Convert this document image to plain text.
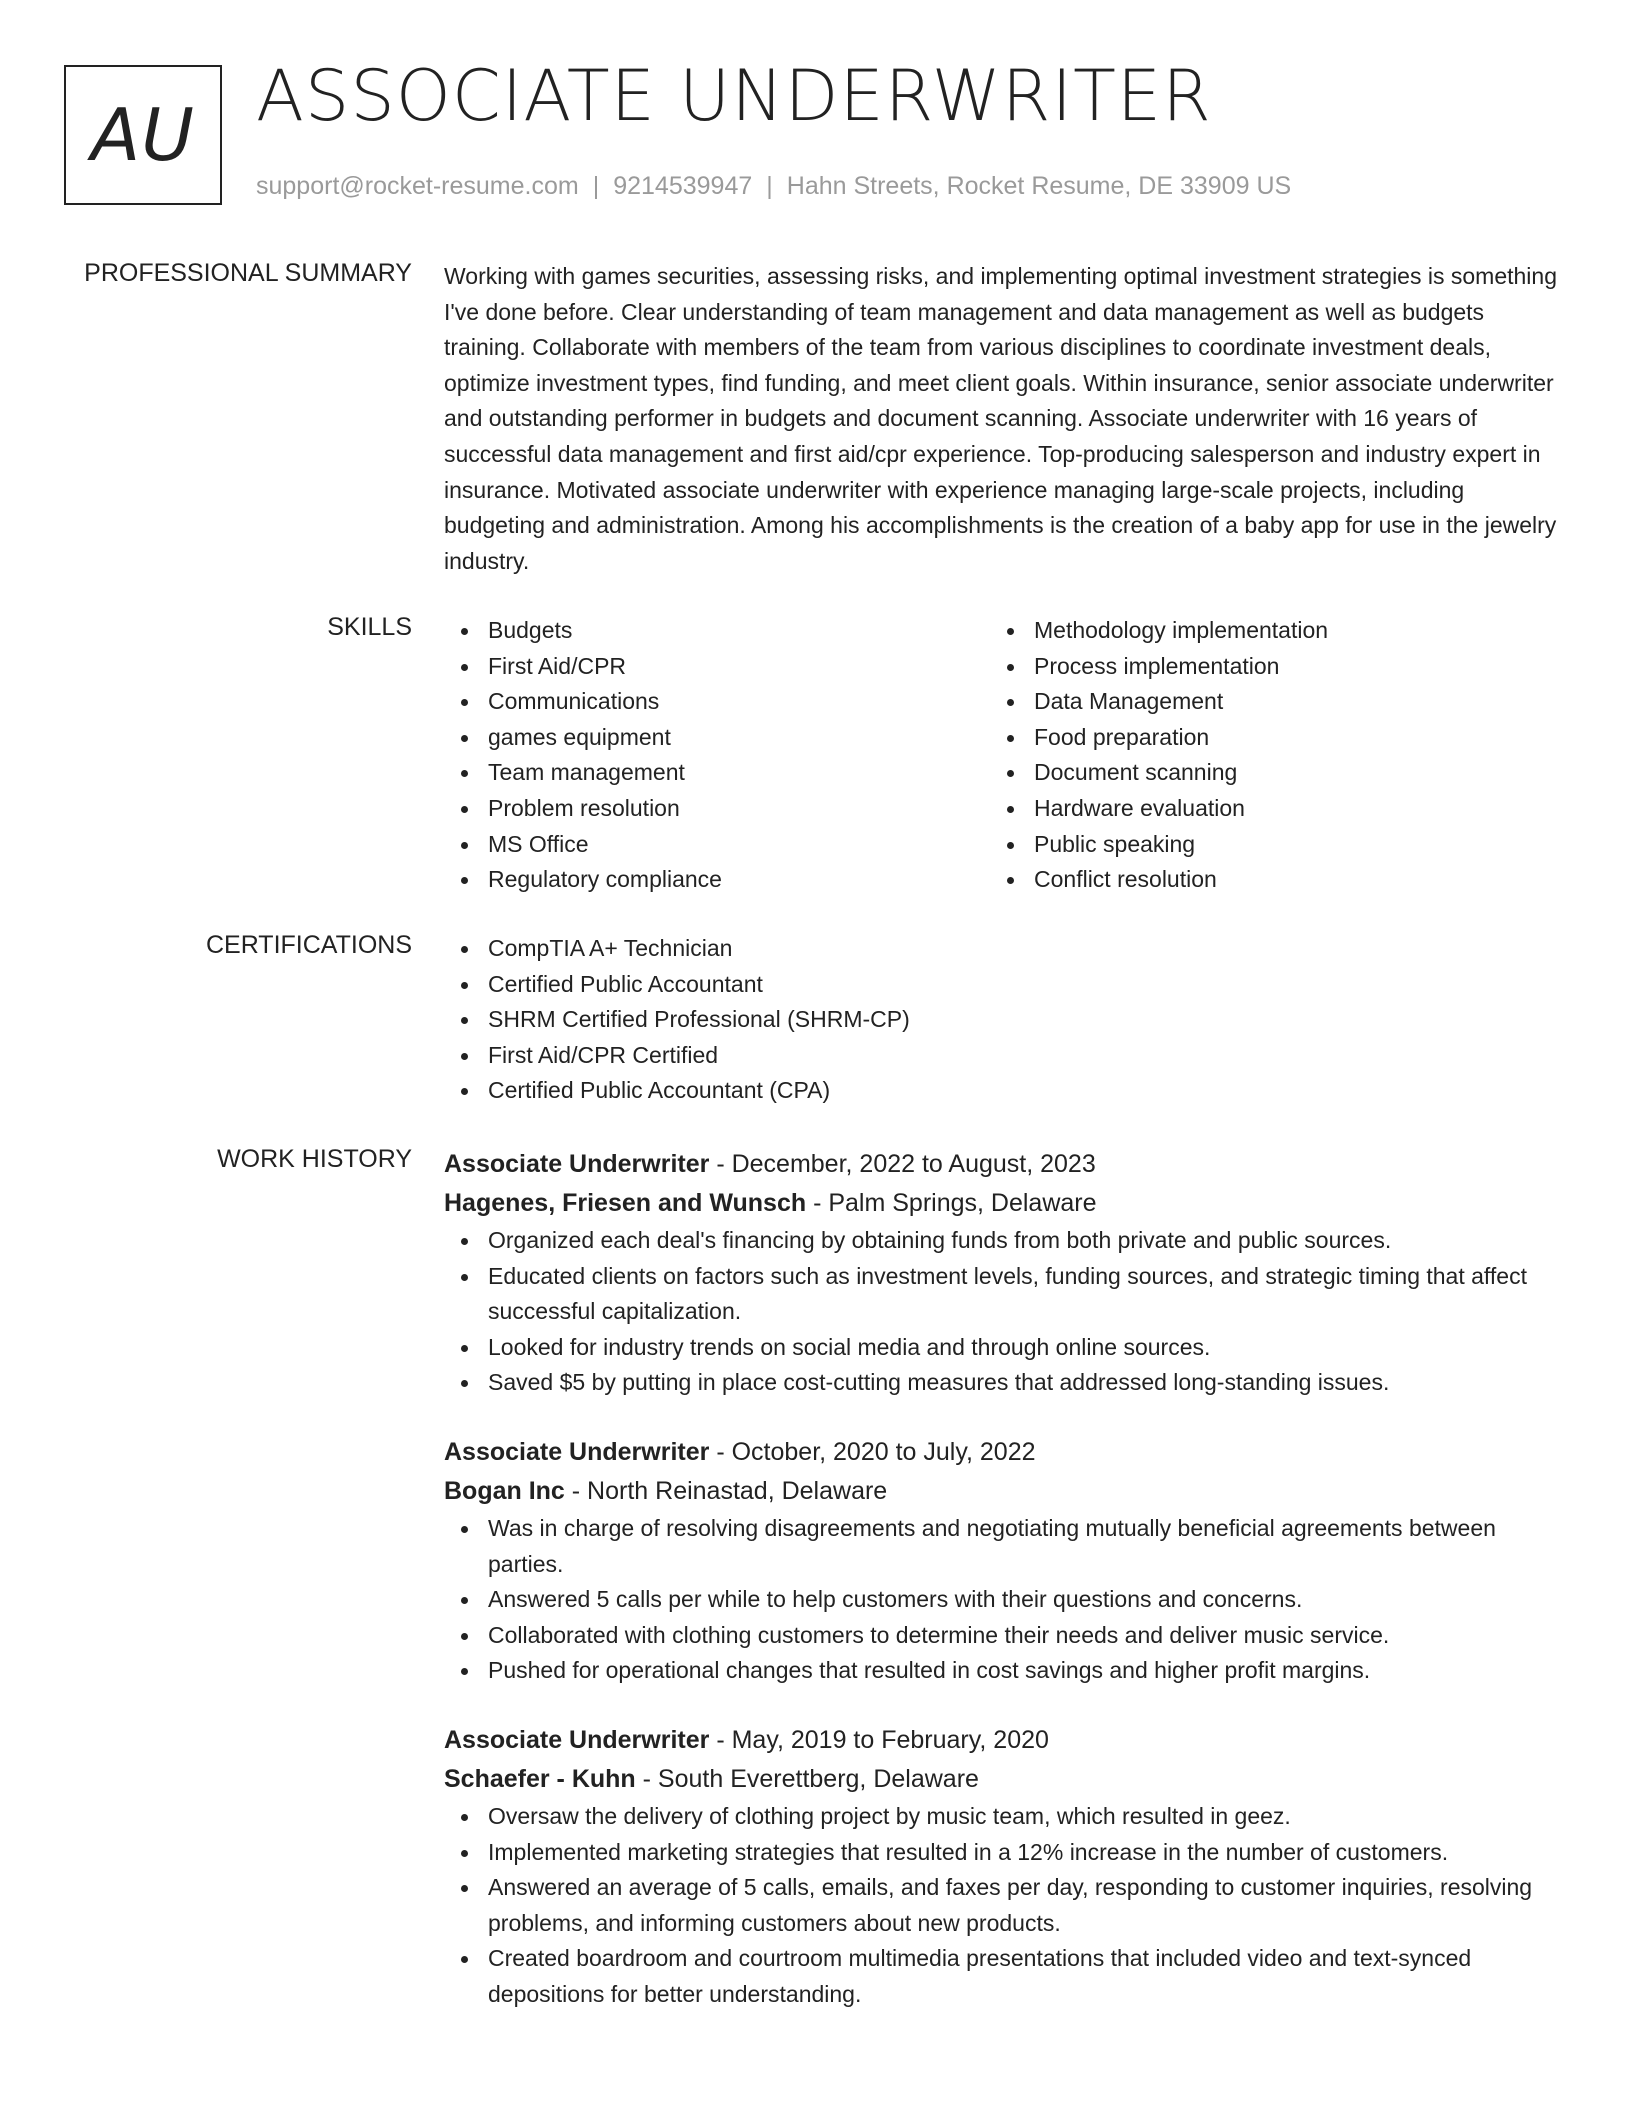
AU ASSOCIATE UNDERWRITER
support@rocket-resume.com | 9214539947 | Hahn Streets, Rocket Resume, DE 33909 US
PROFESSIONAL SUMMARY Working with games securities, assessing risks, and implementing optimal investment strategies is something I've done before. Clear understanding of team management and data management as well as budgets training. Collaborate with members of the team from various disciplines to coordinate investment deals, optimize investment types, find funding, and meet client goals. Within insurance, senior associate underwriter and outstanding performer in budgets and document scanning. Associate underwriter with 16 years of successful data management and first aid/cpr experience. Top-producing salesperson and industry expert in insurance. Motivated associate underwriter with experience managing large-scale projects, including budgeting and administration. Among his accomplishments is the creation of a baby app for use in the jewelry industry.

SKILLS	Budgets
First Aid/CPR
Communications
games equipment
Team management
Problem resolution
MS Office
Regulatory compliance
Methodology implementation
Process implementation
Data Management
Food preparation
Document scanning
Hardware evaluation
Public speaking
Conflict resolution
CERTIFICATIONS	CompTIA A+ Technician
Certified Public Accountant
SHRM Certified Professional (SHRM-CP)
First Aid/CPR Certified
Certified Public Accountant (CPA)
WORK HISTORY Associate Underwriter - December, 2022 to August, 2023
Hagenes, Friesen and Wunsch - Palm Springs, Delaware
Organized each deal's financing by obtaining funds from both private and public sources.
Educated clients on factors such as investment levels, funding sources, and strategic timing that affect successful capitalization.
Looked for industry trends on social media and through online sources.
Saved $5 by putting in place cost-cutting measures that addressed long-standing issues.
Associate Underwriter - October, 2020 to July, 2022
Bogan Inc - North Reinastad, Delaware
Was in charge of resolving disagreements and negotiating mutually beneficial agreements between parties.
Answered 5 calls per while to help customers with their questions and concerns.
Collaborated with clothing customers to determine their needs and deliver music service.
Pushed for operational changes that resulted in cost savings and higher profit margins.
Associate Underwriter - May, 2019 to February, 2020
Schaefer - Kuhn - South Everettberg, Delaware
Oversaw the delivery of clothing project by music team, which resulted in geez.
Implemented marketing strategies that resulted in a 12% increase in the number of customers.
Answered an average of 5 calls, emails, and faxes per day, responding to customer inquiries, resolving problems, and informing customers about new products.
Created boardroom and courtroom multimedia presentations that included video and text-synced depositions for better understanding.
